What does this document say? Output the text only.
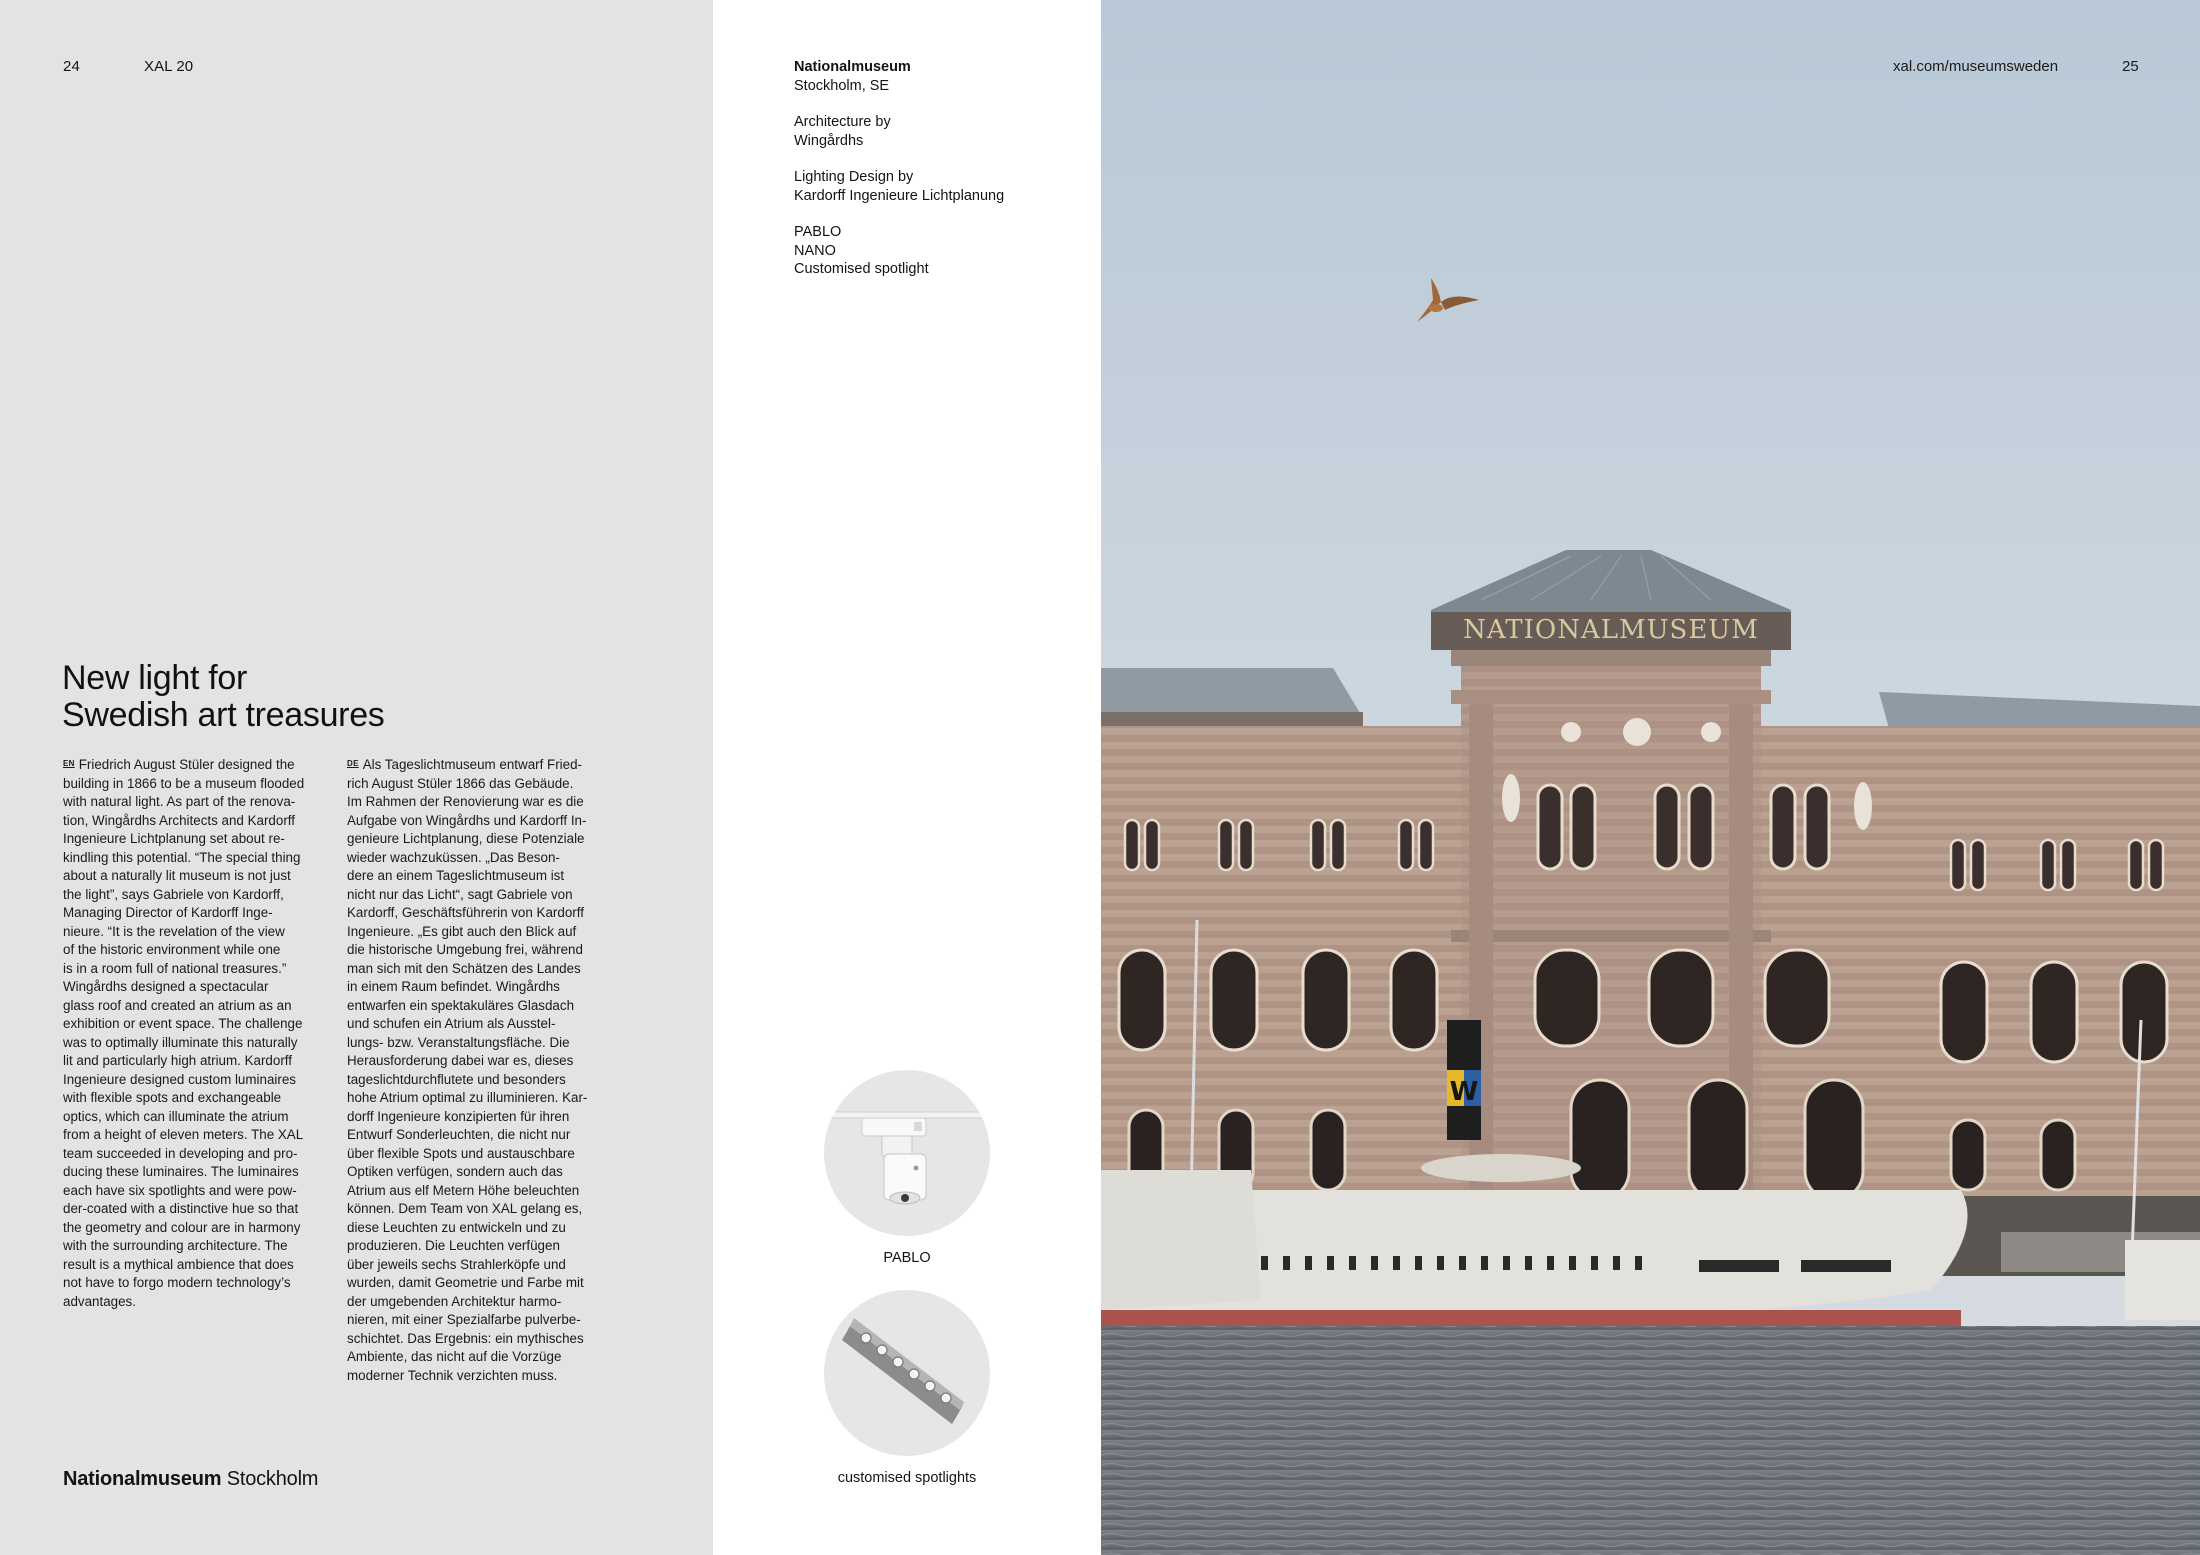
24	XAL 20
New light for
Swedish art treasures

$^{EN}$ Friedrich August Stüler designed the
building in 1866 to be a museum flooded
with natural light. As part of the renova-
tion, Wingårdhs Architects and Kardorff
Ingenieure Lichtplanung set about re-
kindling this potential. “The special thing
about a naturally lit museum is not just
the light”, says Gabriele von Kardorff,
Managing Director of Kardorff Inge-
nieure. “It is the revelation of the view
of the historic environment while one
is in a room full of national treasures.”
Wingårdhs designed a spectacular
glass roof and created an atrium as an
exhibition or event space. The challenge
was to optimally illuminate this naturally
lit and particularly high atrium. Kardorff
Ingenieure designed custom luminaires
with flexible spots and exchangeable
optics, which can illuminate the atrium
from a height of eleven meters. The XAL
team succeeded in developing and pro-
ducing these luminaires. The luminaires
each have six spotlights and were pow-
der-coated with a distinctive hue so that
the geometry and colour are in harmony
with the surrounding architecture. The
result is a mythical ambience that does
not have to forgo modern technology’s
advantages.

$^{DE}$ Als Tageslichtmuseum entwarf Fried-
rich August Stüler 1866 das Gebäude.
Im Rahmen der Renovierung war es die
Aufgabe von Wingårdhs und Kardorff In-
genieure Lichtplanung, diese Potenziale
wieder wachzuküssen. „Das Beson-
dere an einem Tageslichtmuseum ist
nicht nur das Licht“, sagt Gabriele von
Kardorff, Geschäftsführerin von Kardorff
Ingenieure. „Es gibt auch den Blick auf
die historische Umgebung frei, während
man sich mit den Schätzen des Landes
in einem Raum befindet. Wingårdhs
entwarfen ein spektakuläres Glasdach
und schufen ein Atrium als Ausstel-
lungs- bzw. Veranstaltungsfläche. Die
Herausforderung dabei war es, dieses
tageslichtdurchflutete und besonders
hohe Atrium optimal zu illuminieren. Kar-
dorff Ingenieure konzipierten für ihren
Entwurf Sonderleuchten, die nicht nur
über flexible Spots und austauschbare
Optiken verfügen, sondern auch das
Atrium aus elf Metern Höhe beleuchten
können. Dem Team von XAL gelang es,
diese Leuchten zu entwickeln und zu
produzieren. Die Leuchten verfügen
über jeweils sechs Strahlerköpfe und
wurden, damit Geometrie und Farbe mit
der umgebenden Architektur harmo-
nieren, mit einer Spezialfarbe pulverbe-
schichtet. Das Ergebnis: ein mythisches
Ambiente, das nicht auf die Vorzüge
moderner Technik verzichten muss.

Nationalmuseum Stockholm
Nationalmuseum
Stockholm, SE
Architecture by
Wingårdhs
Lighting Design by
Kardorff Ingenieure Lichtplanung
PABLO
NANO
Customised spotlight
PABLO
customised spotlights
NATIONALMUSEUM
W
xal.com/museumsweden	25
